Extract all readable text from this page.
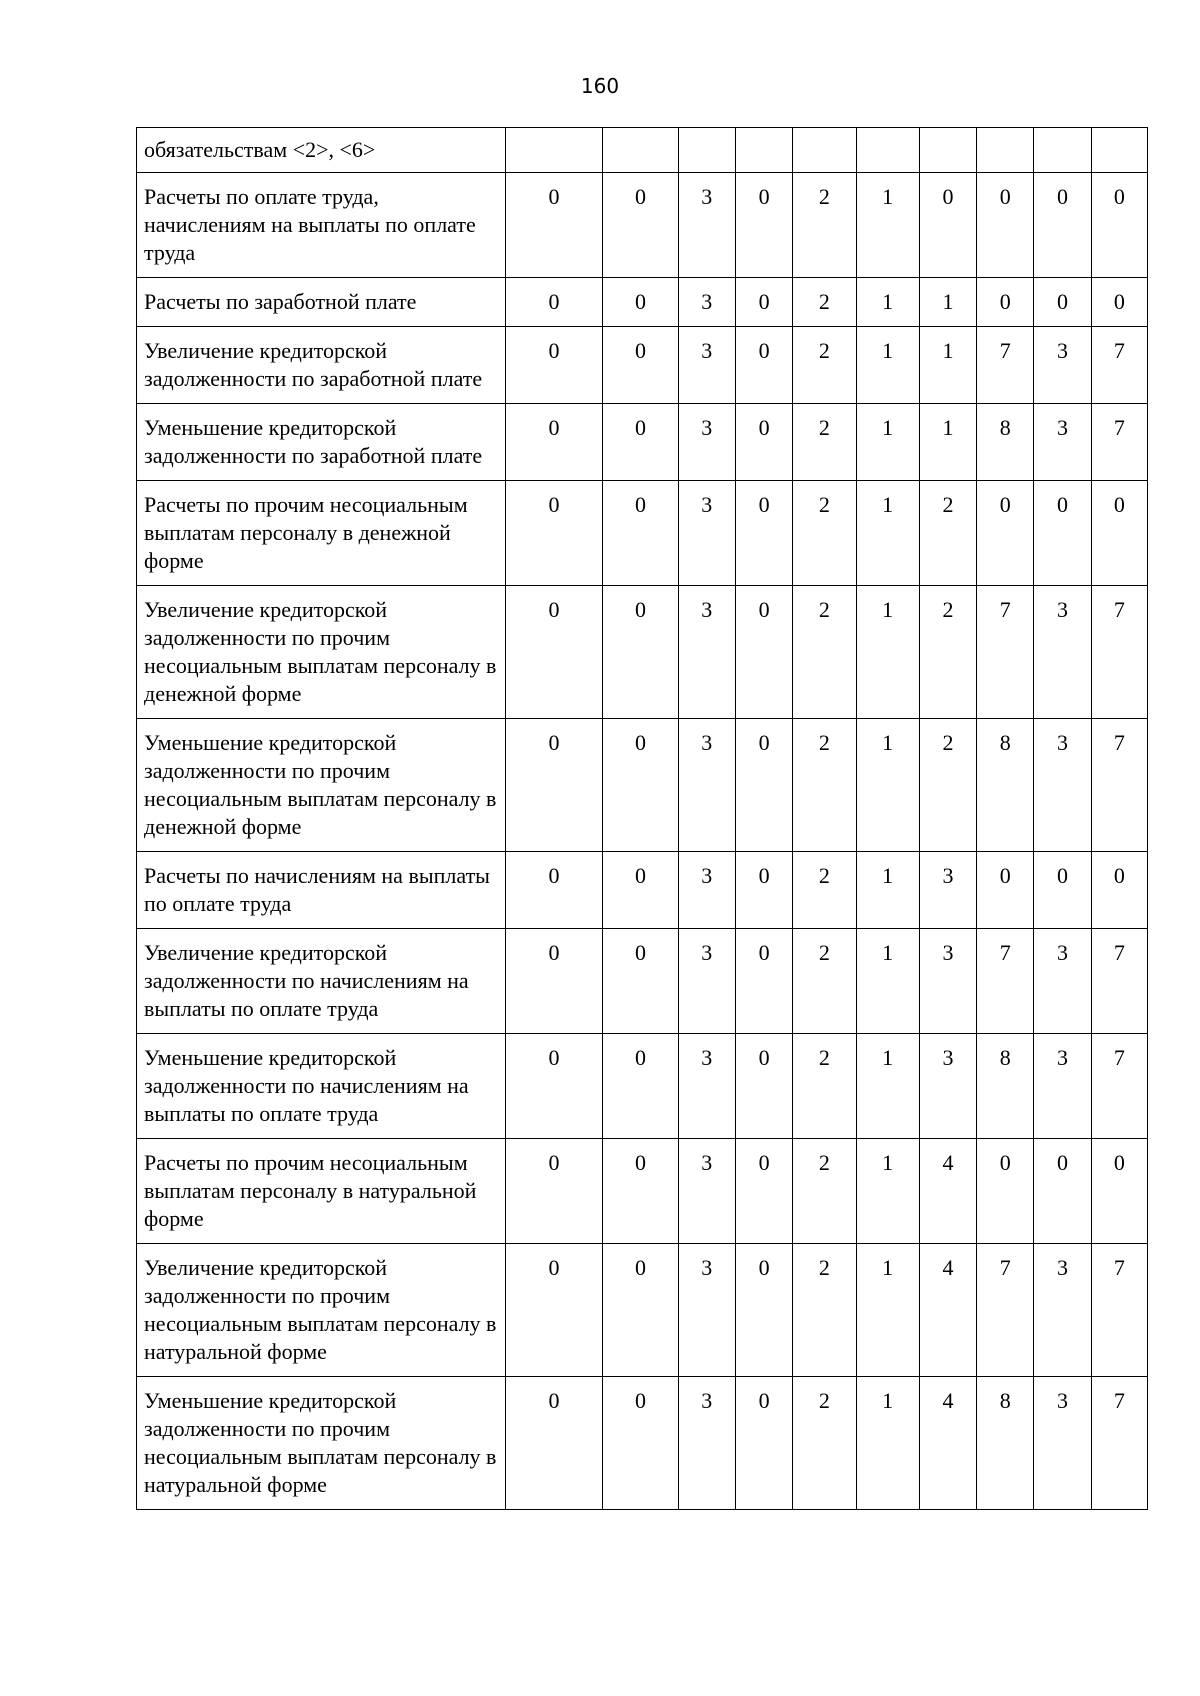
160
обязательствам <2>, <6>										
Расчеты по оплате труда, начислениям на выплаты по оплате труда	0	0	3	0	2	1	0	0	0	0
Расчеты по заработной плате	0	0	3	0	2	1	1	0	0	0
Увеличение кредиторской задолженности по заработной плате	0	0	3	0	2	1	1	7	3	7
Уменьшение кредиторской задолженности по заработной плате	0	0	3	0	2	1	1	8	3	7
Расчеты по прочим несоциальным выплатам персоналу в денежной форме	0	0	3	0	2	1	2	0	0	0
Увеличение кредиторской задолженности по прочим несоциальным выплатам персоналу в денежной форме	0	0	3	0	2	1	2	7	3	7
Уменьшение кредиторской задолженности по прочим несоциальным выплатам персоналу в денежной форме	0	0	3	0	2	1	2	8	3	7
Расчеты по начислениям на выплаты по оплате труда	0	0	3	0	2	1	3	0	0	0
Увеличение кредиторской задолженности по начислениям на выплаты по оплате труда	0	0	3	0	2	1	3	7	3	7
Уменьшение кредиторской задолженности по начислениям на выплаты по оплате труда	0	0	3	0	2	1	3	8	3	7
Расчеты по прочим несоциальным выплатам персоналу в натуральной форме	0	0	3	0	2	1	4	0	0	0
Увеличение кредиторской задолженности по прочим несоциальным выплатам персоналу в натуральной форме	0	0	3	0	2	1	4	7	3	7
Уменьшение кредиторской задолженности по прочим несоциальным выплатам персоналу в натуральной форме	0	0	3	0	2	1	4	8	3	7
